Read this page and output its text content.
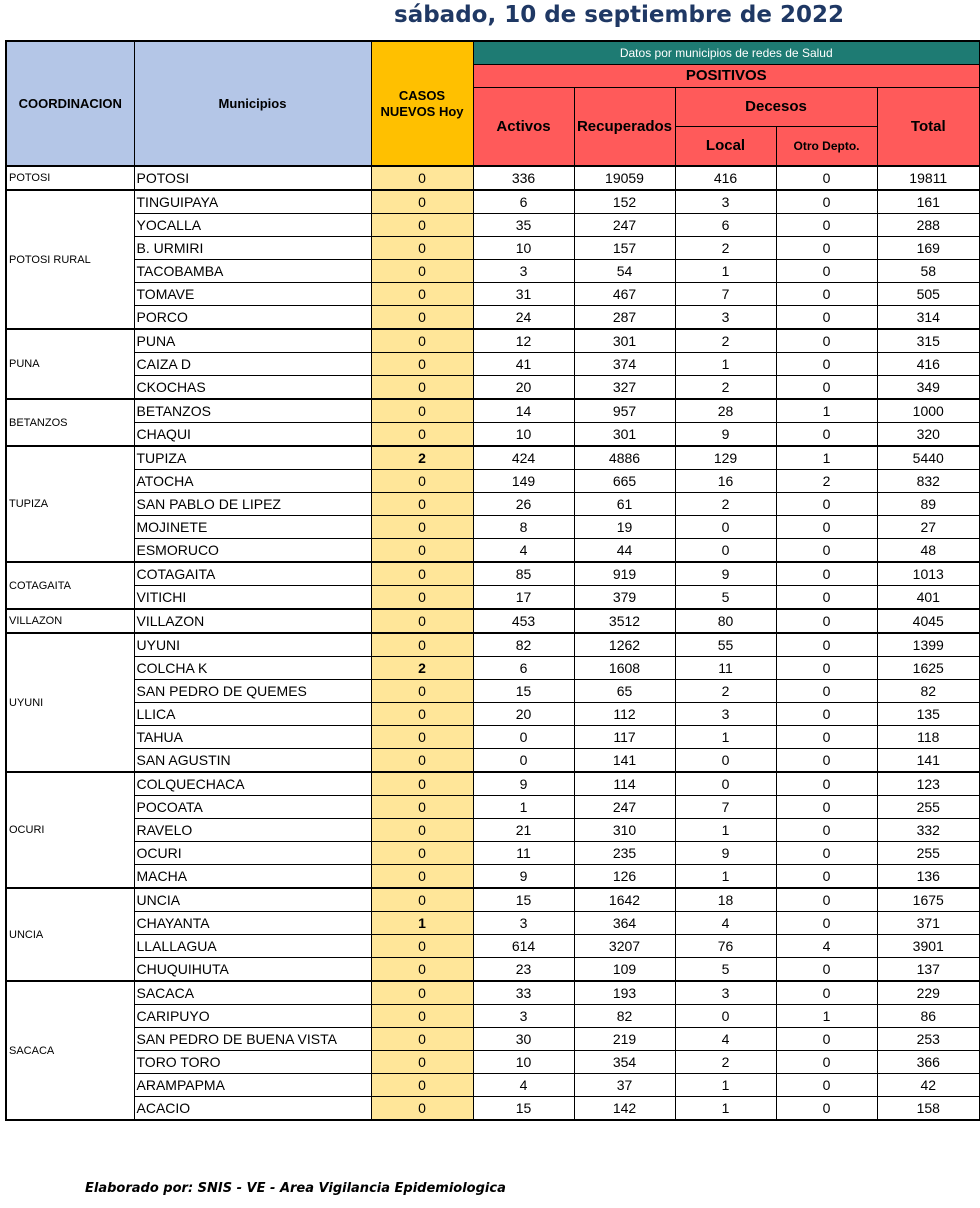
sábado, 10 de septiembre de 2022
COORDINACION	Municipios	CASOS NUEVOS Hoy	Datos por municipios de redes de Salud				
			POSITIVOS				
			Activos	Recuperados	Decesos		Total
					Local	Otro Depto.	
POTOSI	POTOSI	0	336	19059	416	0	19811
POTOSI RURAL	TINGUIPAYA	0	6	152	3	0	161
	YOCALLA	0	35	247	6	0	288
	B. URMIRI	0	10	157	2	0	169
	TACOBAMBA	0	3	54	1	0	58
	TOMAVE	0	31	467	7	0	505
	PORCO	0	24	287	3	0	314
PUNA	PUNA	0	12	301	2	0	315
	CAIZA D	0	41	374	1	0	416
	CKOCHAS	0	20	327	2	0	349
BETANZOS	BETANZOS	0	14	957	28	1	1000
	CHAQUI	0	10	301	9	0	320
TUPIZA	TUPIZA	2	424	4886	129	1	5440
	ATOCHA	0	149	665	16	2	832
	SAN PABLO DE LIPEZ	0	26	61	2	0	89
	MOJINETE	0	8	19	0	0	27
	ESMORUCO	0	4	44	0	0	48
COTAGAITA	COTAGAITA	0	85	919	9	0	1013
	VITICHI	0	17	379	5	0	401
VILLAZON	VILLAZON	0	453	3512	80	0	4045
UYUNI	UYUNI	0	82	1262	55	0	1399
	COLCHA K	2	6	1608	11	0	1625
	SAN PEDRO DE QUEMES	0	15	65	2	0	82
	LLICA	0	20	112	3	0	135
	TAHUA	0	0	117	1	0	118
	SAN AGUSTIN	0	0	141	0	0	141
OCURI	COLQUECHACA	0	9	114	0	0	123
	POCOATA	0	1	247	7	0	255
	RAVELO	0	21	310	1	0	332
	OCURI	0	11	235	9	0	255
	MACHA	0	9	126	1	0	136
UNCIA	UNCIA	0	15	1642	18	0	1675
	CHAYANTA	1	3	364	4	0	371
	LLALLAGUA	0	614	3207	76	4	3901
	CHUQUIHUTA	0	23	109	5	0	137
SACACA	SACACA	0	33	193	3	0	229
	CARIPUYO	0	3	82	0	1	86
	SAN PEDRO DE BUENA VISTA	0	30	219	4	0	253
	TORO TORO	0	10	354	2	0	366
	ARAMPAPMA	0	4	37	1	0	42
	ACACIO	0	15	142	1	0	158
Elaborado por: SNIS - VE - Area Vigilancia Epidemiologica
